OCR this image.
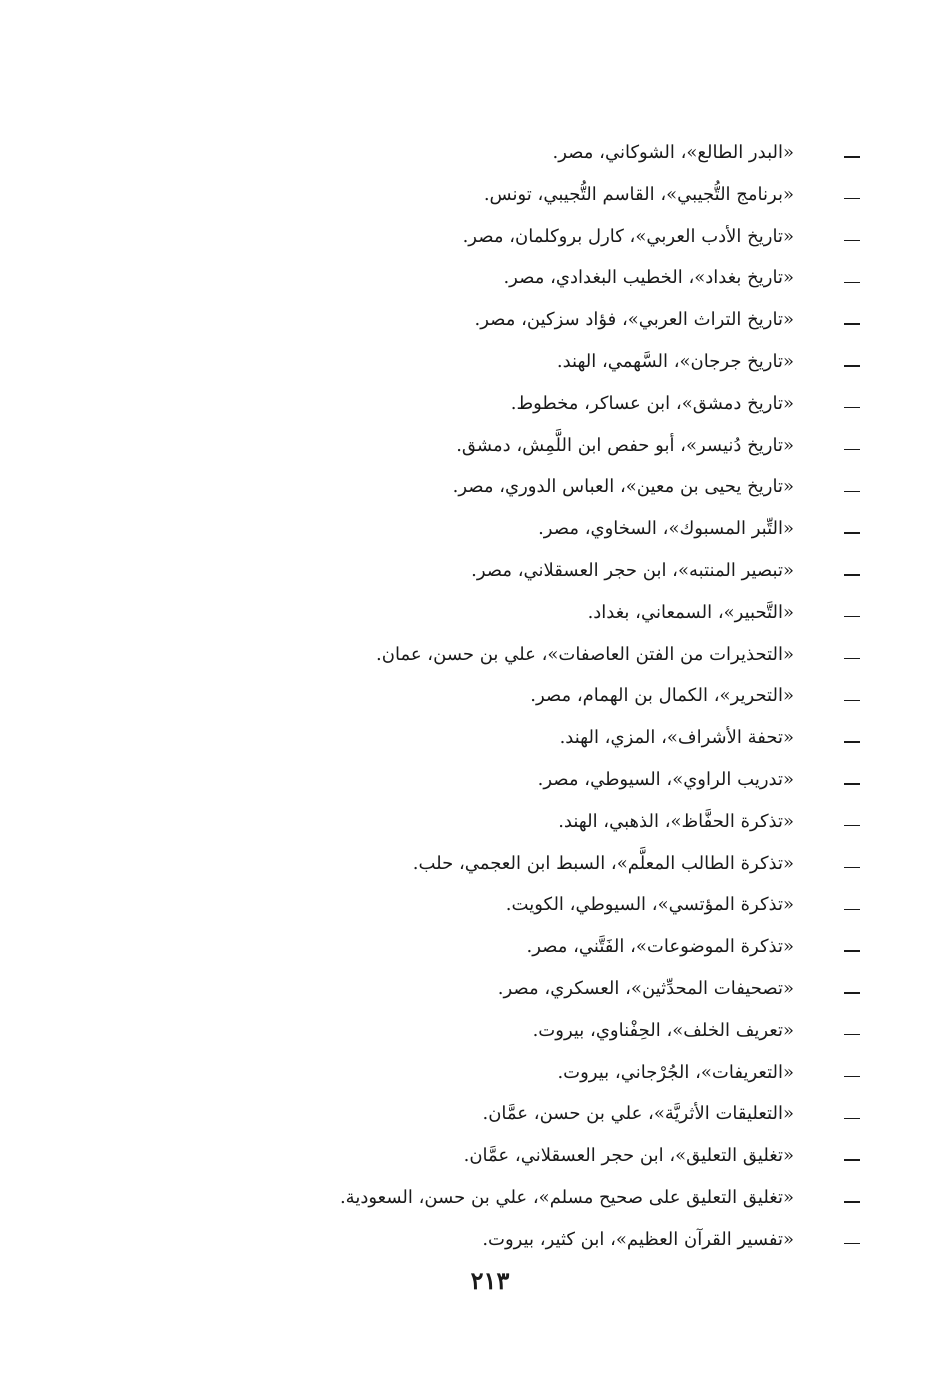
«البدر الطالع»، الشوكاني، مصر.
«برنامج التُّجيبي»، القاسم التُّجيبي، تونس.
«تاريخ الأدب العربي»، كارل بروكلمان، مصر.
«تاريخ بغداد»، الخطيب البغدادي، مصر.
«تاريخ التراث العربي»، فؤاد سزكين، مصر.
«تاريخ جرجان»، السَّهمي، الهند.
«تاريخ دمشق»، ابن عساكر، مخطوط.
«تاريخ دُنيسر»، أبو حفص ابن اللَّمِش، دمشق.
«تاريخ يحيى بن معين»، العباس الدوري، مصر.
«التِّبر المسبوك»، السخاوي، مصر.
«تبصير المنتبه»، ابن حجر العسقلاني، مصر.
«التَّحبير»، السمعاني، بغداد.
«التحذيرات من الفتن العاصفات»، علي بن حسن، عمان.
«التحرير»، الكمال بن الهمام، مصر.
«تحفة الأشراف»، المزي، الهند.
«تدريب الراوي»، السيوطي، مصر.
«تذكرة الحفَّاظ»، الذهبي، الهند.
«تذكرة الطالب المعلَّم»، السبط ابن العجمي، حلب.
«تذكرة المؤتسي»، السيوطي، الكويت.
«تذكرة الموضوعات»، الفَتَّني، مصر.
«تصحيفات المحدِّثين»، العسكري، مصر.
«تعريف الخلف»، الحِفْناوي، بيروت.
«التعريفات»، الجُرْجاني، بيروت.
«التعليقات الأثريَّة»، علي بن حسن، عمَّان.
«تغليق التعليق»، ابن حجر العسقلاني، عمَّان.
«تغليق التعليق على صحيح مسلم»، علي بن حسن، السعودية.
«تفسير القرآن العظيم»، ابن كثير، بيروت.
٢١٣
